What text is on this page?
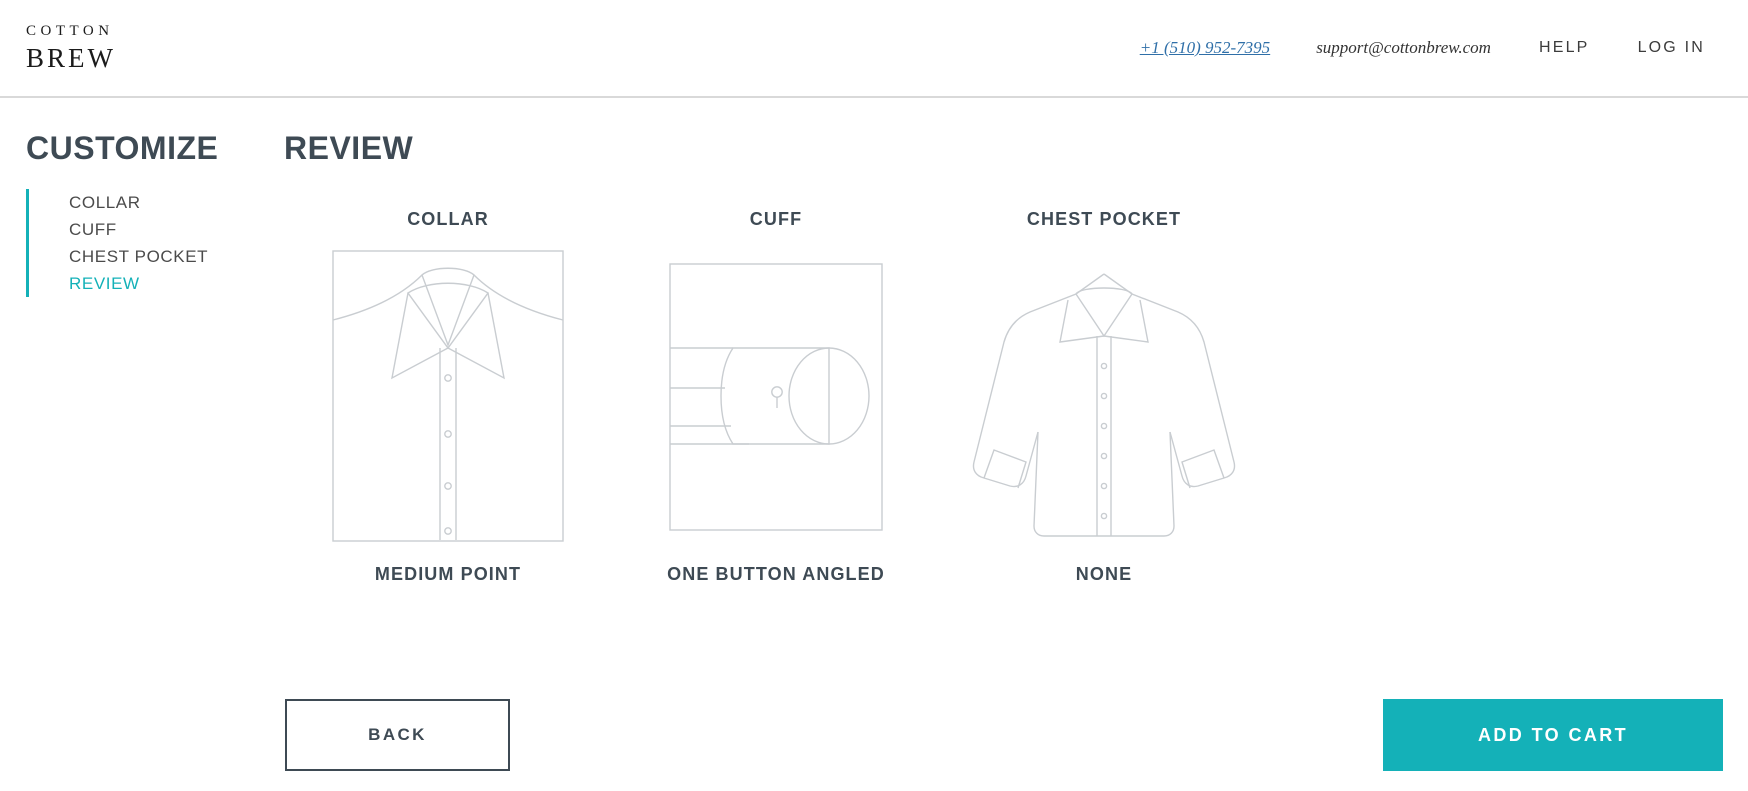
COTTON
BREW	+1 (510) 952-7395	support@cottonbrew.com	HELP	LOG IN
CUSTOMIZE
COLLAR
CUFF
CHEST POCKET
REVIEW
REVIEW
COLLAR
MEDIUM POINT
CUFF
ONE BUTTON ANGLED
CHEST POCKET
NONE
BACK	ADD TO CART
